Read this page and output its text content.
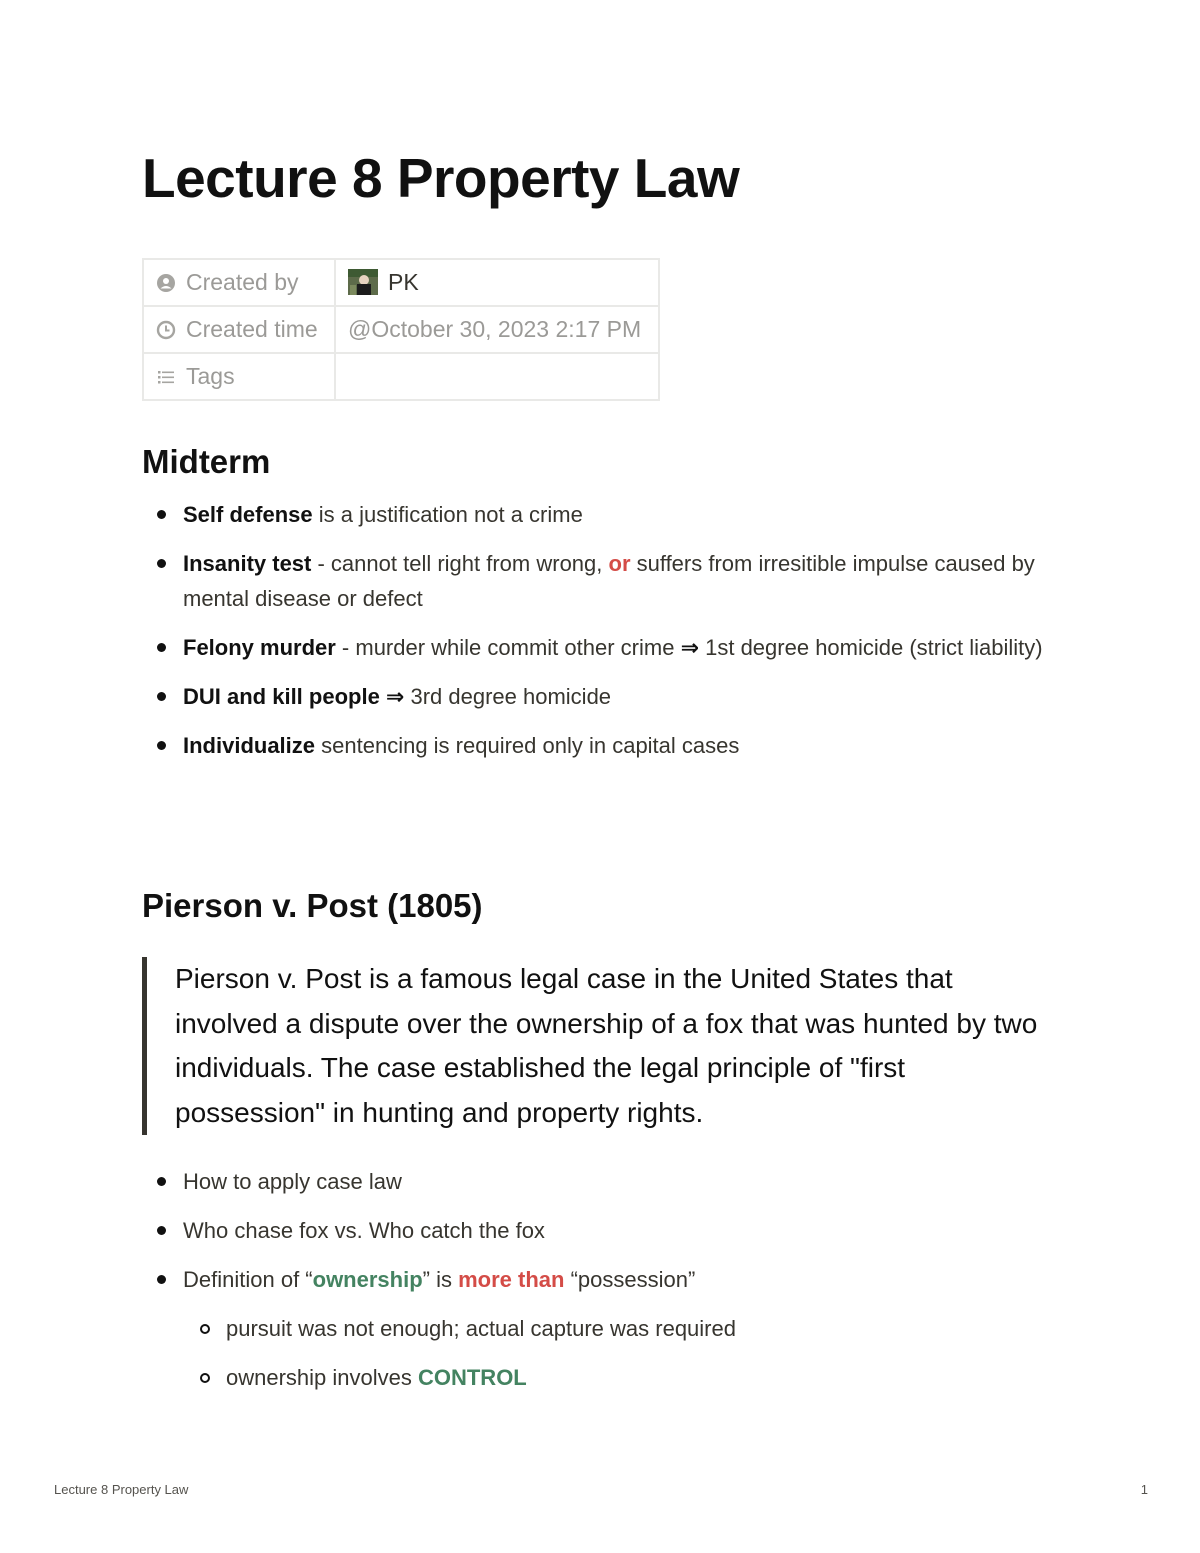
Lecture 8 Property Law
Created by	PK
Created time	@October 30, 2023 2:17 PM
Tags	
Midterm
Self defense is a justification not a crime
Insanity test - cannot tell right from wrong, or suffers from irresitible impulse caused by mental disease or defect
Felony murder - murder while commit other crime ⇒ 1st degree homicide (strict liability)
DUI and kill people ⇒ 3rd degree homicide
Individualize sentencing is required only in capital cases
Pierson v. Post (1805)
Pierson v. Post is a famous legal case in the United States that involved a dispute over the ownership of a fox that was hunted by two individuals. The case established the legal principle of "first possession" in hunting and property rights.
How to apply case law
Who chase fox vs. Who catch the fox
Definition of “ownership” is more than “possession”
pursuit was not enough; actual capture was required
ownership involves CONTROL
Lecture 8 Property Law	1
